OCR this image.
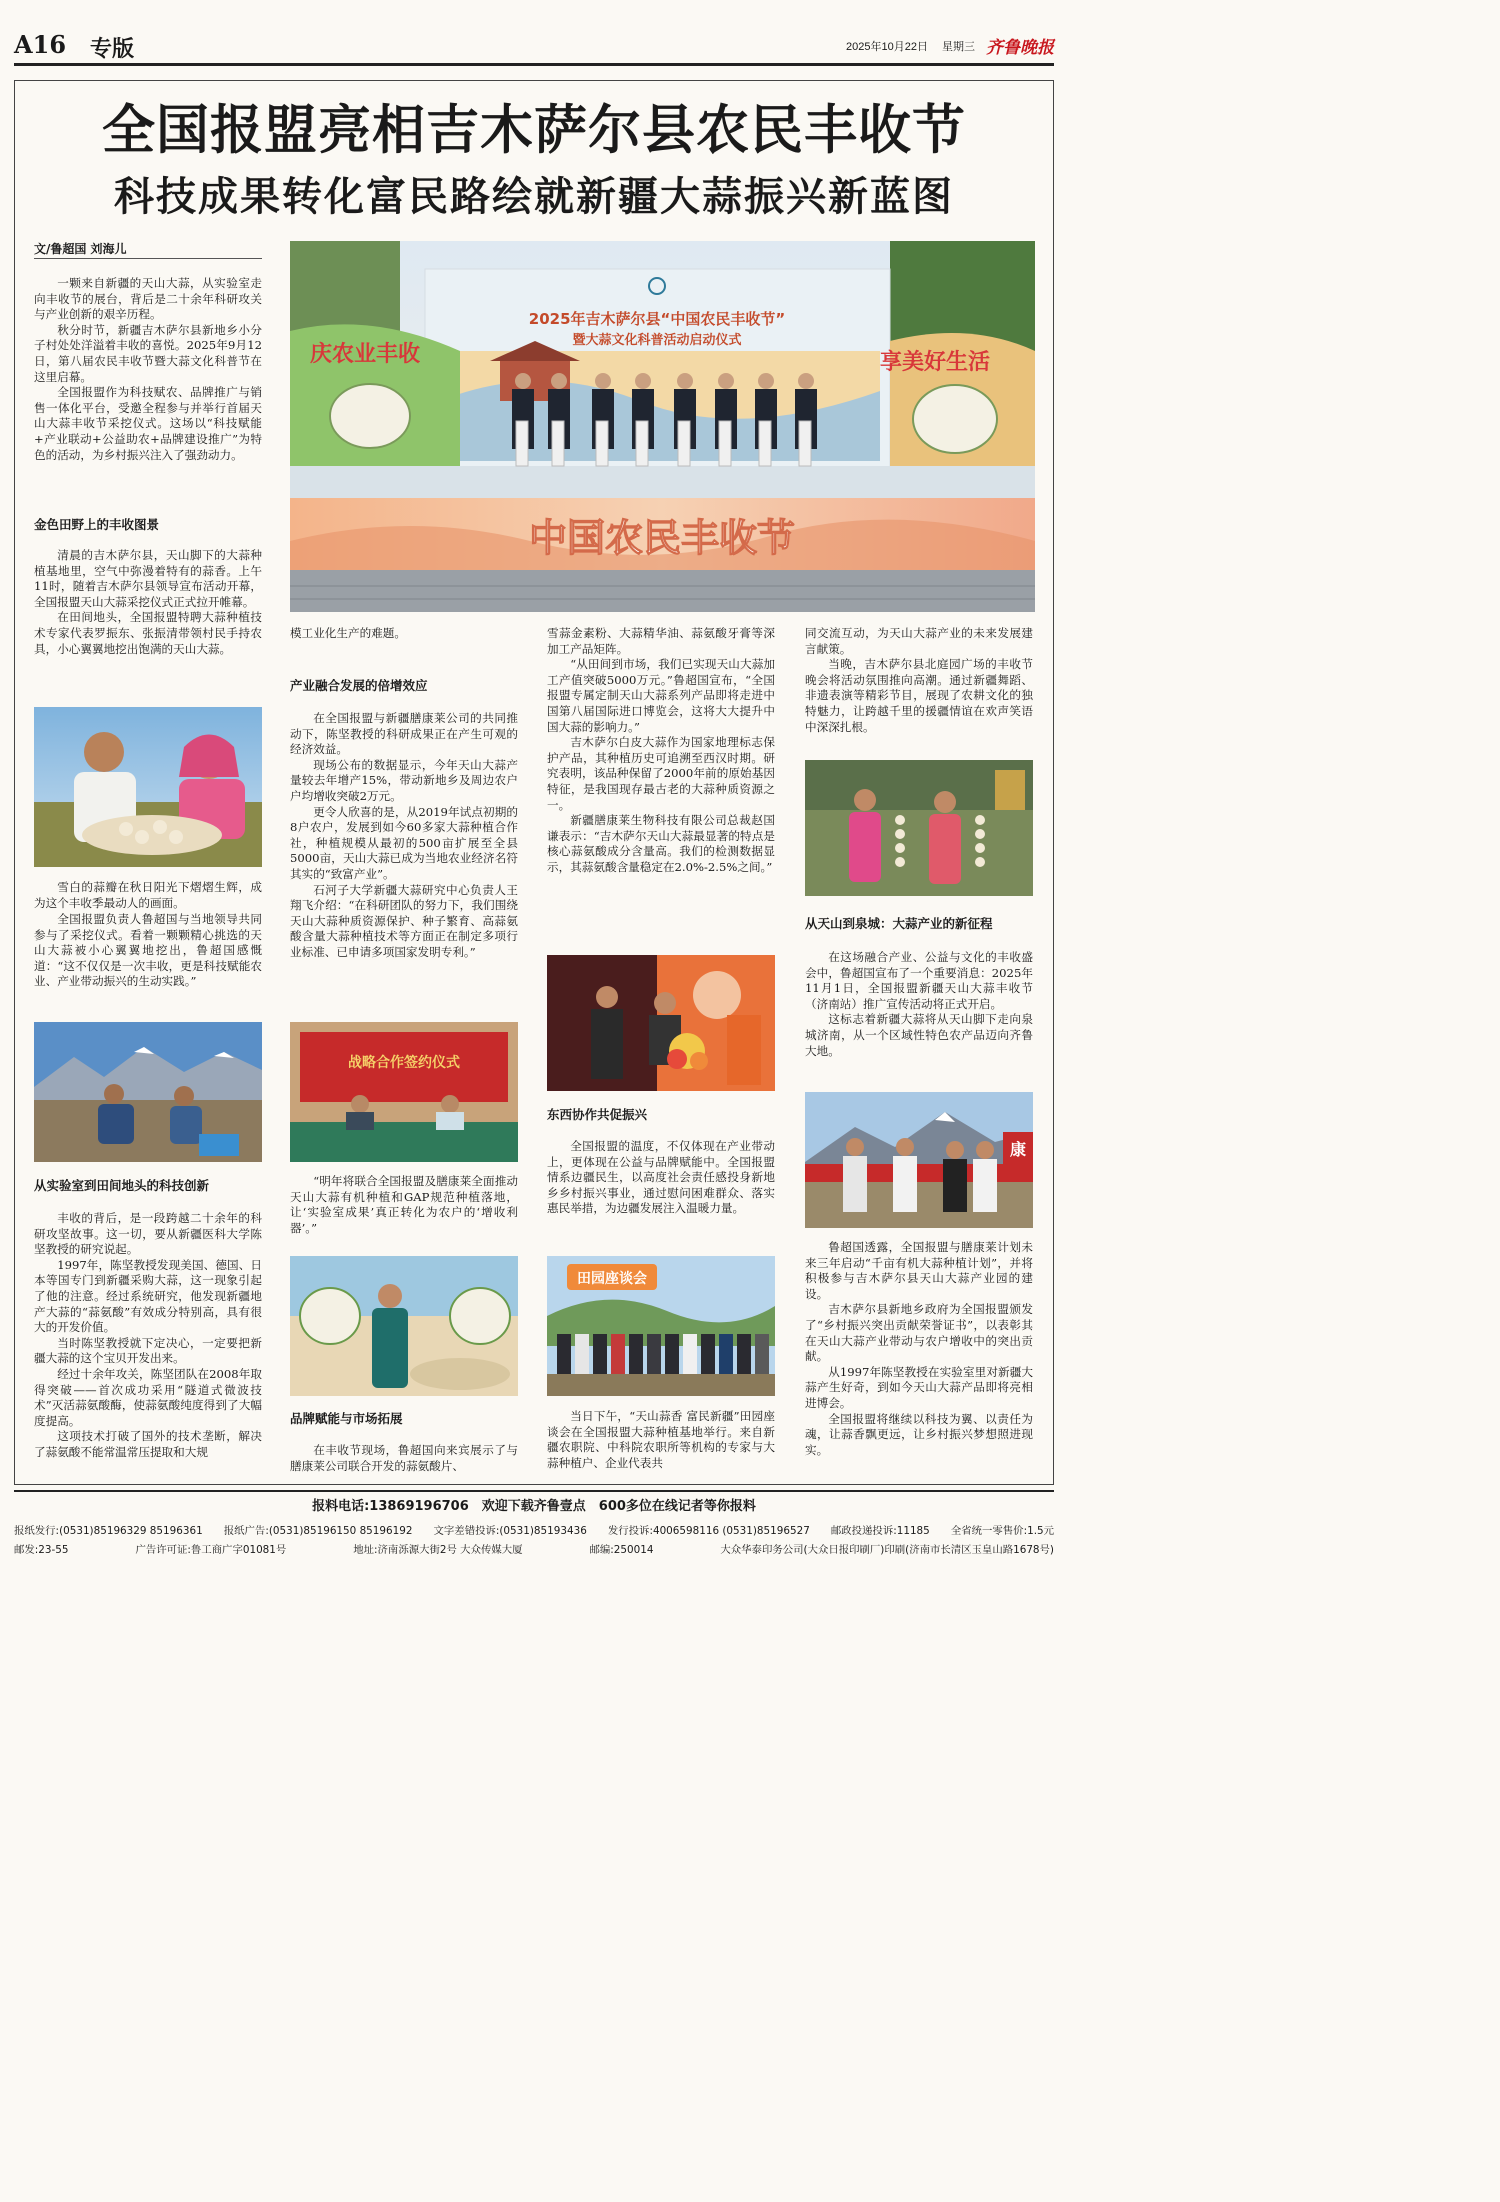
A16 专版	2025年10月22日 星期三 齐鲁晚报
全国报盟亮相吉木萨尔县农民丰收节
科技成果转化富民路绘就新疆大蒜振兴新蓝图
文/鲁超国 刘海儿

一颗来自新疆的天山大蒜，从实验室走向丰收节的展台，背后是二十余年科研攻关与产业创新的艰辛历程。

秋分时节，新疆吉木萨尔县新地乡小分子村处处洋溢着丰收的喜悦。2025年9月12日，第八届农民丰收节暨大蒜文化科普节在这里启幕。

全国报盟作为科技赋农、品牌推广与销售一体化平台，受邀全程参与并举行首届天山大蒜丰收节采挖仪式。这场以“科技赋能+产业联动+公益助农+品牌建设推广”为特色的活动，为乡村振兴注入了强劲动力。

金色田野上的丰收图景

清晨的吉木萨尔县，天山脚下的大蒜种植基地里，空气中弥漫着特有的蒜香。上午11时，随着吉木萨尔县领导宣布活动开幕，全国报盟天山大蒜采挖仪式正式拉开帷幕。

在田间地头，全国报盟特聘大蒜种植技术专家代表罗振东、张振清带领村民手持农具，小心翼翼地挖出饱满的天山大蒜。

雪白的蒜瓣在秋日阳光下熠熠生辉，成为这个丰收季最动人的画面。

全国报盟负责人鲁超国与当地领导共同参与了采挖仪式。看着一颗颗精心挑选的天山大蒜被小心翼翼地挖出，鲁超国感慨道：“这不仅仅是一次丰收，更是科技赋能农业、产业带动振兴的生动实践。”

从实验室到田间地头的科技创新

丰收的背后，是一段跨越二十余年的科研攻坚故事。这一切，要从新疆医科大学陈坚教授的研究说起。

1997年，陈坚教授发现美国、德国、日本等国专门到新疆采购大蒜，这一现象引起了他的注意。经过系统研究，他发现新疆地产大蒜的“蒜氨酸”有效成分特别高，具有很大的开发价值。

当时陈坚教授就下定决心，一定要把新疆大蒜的这个宝贝开发出来。

经过十余年攻关，陈坚团队在2008年取得突破——首次成功采用“隧道式微波技术”灭活蒜氨酸酶，使蒜氨酸纯度得到了大幅度提高。

这项技术打破了国外的技术垄断，解决了蒜氨酸不能常温常压提取和大规

2025年吉木萨尔县“中国农民丰收节”
暨大蒜文化科普活动启动仪式
庆农业丰收	享美好生活
中国农民丰收节

模工业化生产的难题。

产业融合发展的倍增效应

在全国报盟与新疆膳康莱公司的共同推动下，陈坚教授的科研成果正在产生可观的经济效益。

现场公布的数据显示，今年天山大蒜产量较去年增产15%，带动新地乡及周边农户户均增收突破2万元。

更令人欣喜的是，从2019年试点初期的8户农户，发展到如今60多家大蒜种植合作社，种植规模从最初的500亩扩展至全县5000亩，天山大蒜已成为当地农业经济名符其实的“致富产业”。

石河子大学新疆大蒜研究中心负责人王翔飞介绍：“在科研团队的努力下，我们围绕天山大蒜种质资源保护、种子繁育、高蒜氨酸含量大蒜种植技术等方面正在制定多项行业标准、已申请多项国家发明专利。”

战略合作签约仪式
“明年将联合全国报盟及膳康莱全面推动天山大蒜有机种植和GAP规范种植落地，让‘实验室成果’真正转化为农户的‘增收利器’。”
品牌赋能与市场拓展

在丰收节现场，鲁超国向来宾展示了与膳康莱公司联合开发的蒜氨酸片、

雪蒜金素粉、大蒜精华油、蒜氨酸牙膏等深加工产品矩阵。

“从田间到市场，我们已实现天山大蒜加工产值突破5000万元。”鲁超国宣布，“全国报盟专属定制天山大蒜系列产品即将走进中国第八届国际进口博览会，这将大大提升中国大蒜的影响力。”

吉木萨尔白皮大蒜作为国家地理标志保护产品，其种植历史可追溯至西汉时期。研究表明，该品种保留了2000年前的原始基因特征，是我国现存最古老的大蒜种质资源之一。

新疆膳康莱生物科技有限公司总裁赵国谦表示：“吉木萨尔天山大蒜最显著的特点是核心蒜氨酸成分含量高。我们的检测数据显示，其蒜氨酸含量稳定在2.0%-2.5%之间。”

东西协作共促振兴

全国报盟的温度，不仅体现在产业带动上，更体现在公益与品牌赋能中。全国报盟情系边疆民生，以高度社会责任感投身新地乡乡村振兴事业，通过慰问困难群众、落实惠民举措，为边疆发展注入温暖力量。

田园座谈会

当日下午，“天山蒜香 富民新疆”田园座谈会在全国报盟大蒜种植基地举行。来自新疆农职院、中科院农职所等机构的专家与大蒜种植户、企业代表共

同交流互动，为天山大蒜产业的未来发展建言献策。

当晚，吉木萨尔县北庭园广场的丰收节晚会将活动氛围推向高潮。通过新疆舞蹈、非遗表演等精彩节目，展现了农耕文化的独特魅力，让跨越千里的援疆情谊在欢声笑语中深深扎根。

从天山到泉城：大蒜产业的新征程

在这场融合产业、公益与文化的丰收盛会中，鲁超国宣布了一个重要消息：2025年11月1日，全国报盟新疆天山大蒜丰收节（济南站）推广宣传活动将正式开启。

这标志着新疆大蒜将从天山脚下走向泉城济南，从一个区域性特色农产品迈向齐鲁大地。

康

鲁超国透露，全国报盟与膳康莱计划未来三年启动“千亩有机大蒜种植计划”，并将积极参与吉木萨尔县天山大蒜产业园的建设。

吉木萨尔县新地乡政府为全国报盟颁发了“乡村振兴突出贡献荣誉证书”，以表彰其在天山大蒜产业带动与农户增收中的突出贡献。

从1997年陈坚教授在实验室里对新疆大蒜产生好奇，到如今天山大蒜产品即将亮相进博会。

全国报盟将继续以科技为翼、以责任为魂，让蒜香飘更远，让乡村振兴梦想照进现实。

报料电话:13869196706　欢迎下载齐鲁壹点　600多位在线记者等你报料
报纸发行:(0531)85196329 85196361 报纸广告:(0531)85196150 85196192 文字差错投诉:(0531)85193436 发行投诉:4006598116 (0531)85196527 邮政投递投诉:11185 全省统一零售价:1.5元
邮发:23-55	广告许可证:鲁工商广字01081号	地址:济南泺源大街2号 大众传媒大厦	邮编:250014	大众华泰印务公司(大众日报印刷厂)印刷(济南市长清区玉皇山路1678号)
